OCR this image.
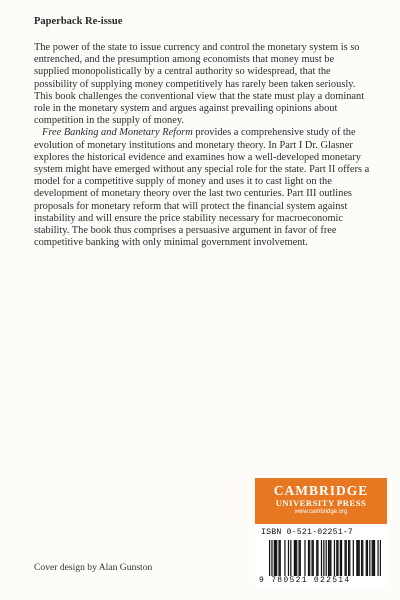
Paperback Re-issue

The power of the state to issue currency and control the monetary system is so entrenched, and the presumption among economists that money must be supplied monopolistically by a central authority so widespread, that the possibility of supplying money competitively has rarely been taken seriously. This book challenges the conventional view that the state must play a dominant role in the monetary system and argues against prevailing opinions about competition in the supply of money.

Free Banking and Monetary Reform provides a comprehensive study of the evolution of monetary institutions and monetary theory. In Part I Dr. Glasner explores the historical evidence and examines how a well-developed monetary system might have emerged without any special role for the state. Part II offers a model for a competitive supply of money and uses it to cast light on the development of monetary theory over the last two centuries. Part III outlines proposals for monetary reform that will protect the financial system against instability and will ensure the price stability necessary for macroeconomic stability. The book thus comprises a persuasive argument in favor of free competitive banking with only minimal government involvement.

CAMBRIDGE
UNIVERSITY PRESS
www.cambridge.org
ISBN 0-521-02251-7
9 780521 022514
Cover design by Alan Gunston
